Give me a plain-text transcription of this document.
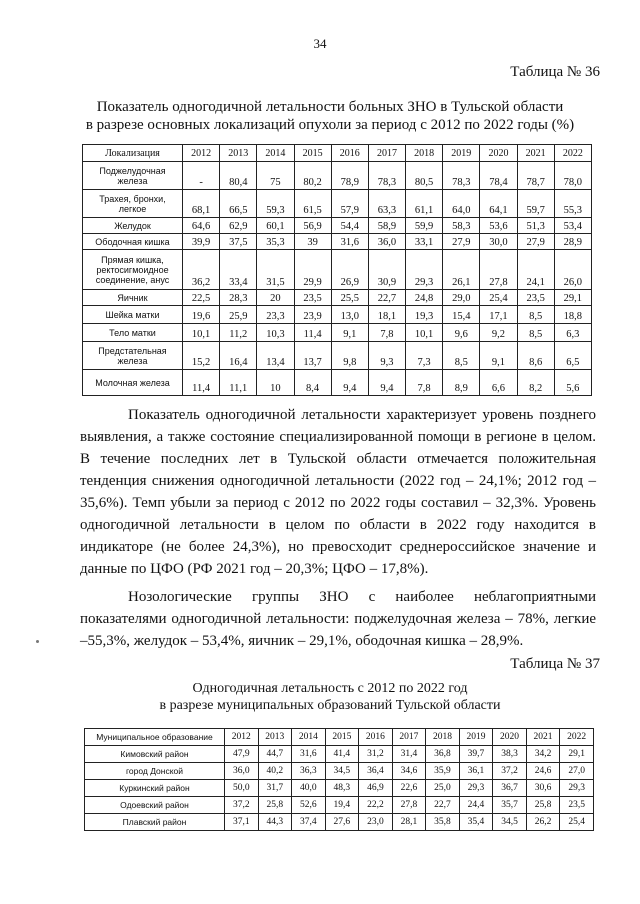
34
Таблица № 36
Показатель одногодичной летальности больных ЗНО в Тульской области
в разрезе основных локализаций опухоли за период с 2012 по 2022 годы (%)
Локализация	2012	2013	2014	2015	2016	2017	2018	2019	2020	2021	2022
Поджелудочная железа	-	80,4	75	80,2	78,9	78,3	80,5	78,3	78,4	78,7	78,0
Трахея, бронхи, легкое	68,1	66,5	59,3	61,5	57,9	63,3	61,1	64,0	64,1	59,7	55,3
Желудок	64,6	62,9	60,1	56,9	54,4	58,9	59,9	58,3	53,6	51,3	53,4
Ободочная кишка	39,9	37,5	35,3	39	31,6	36,0	33,1	27,9	30,0	27,9	28,9
Прямая кишка, ректосигмоидное соединение, анус	36,2	33,4	31,5	29,9	26,9	30,9	29,3	26,1	27,8	24,1	26,0
Яичник	22,5	28,3	20	23,5	25,5	22,7	24,8	29,0	25,4	23,5	29,1
Шейка матки	19,6	25,9	23,3	23,9	13,0	18,1	19,3	15,4	17,1	8,5	18,8
Тело матки	10,1	11,2	10,3	11,4	9,1	7,8	10,1	9,6	9,2	8,5	6,3
Предстательная железа	15,2	16,4	13,4	13,7	9,8	9,3	7,3	8,5	9,1	8,6	6,5
Молочная железа	11,4	11,1	10	8,4	9,4	9,4	7,8	8,9	6,6	8,2	5,6

Показатель одногодичной летальности характеризует уровень позднего выявления, а также состояние специализированной помощи в регионе в целом. В течение последних лет в Тульской области отмечается положительная тенденция снижения одногодичной летальности (2022 год – 24,1%; 2012 год – 35,6%). Темп убыли за период с 2012 по 2022 годы составил – 32,3%. Уровень одногодичной летальности в целом по области в 2022 году находится в индикаторе (не более 24,3%), но превосходит среднероссийское значение и данные по ЦФО (РФ 2021 год – 20,3%; ЦФО – 17,8%).

Нозологические группы ЗНО с наиболее неблагоприятными показателями одногодичной летальности: поджелудочная железа – 78%, легкие –55,3%, желудок – 53,4%, яичник – 29,1%, ободочная кишка – 28,9%.

Таблица № 37
Одногодичная летальность с 2012 по 2022 год
в разрезе муниципальных образований Тульской области
Муниципальное образование	2012	2013	2014	2015	2016	2017	2018	2019	2020	2021	2022
Кимовский район	47,9	44,7	31,6	41,4	31,2	31,4	36,8	39,7	38,3	34,2	29,1
город Донской	36,0	40,2	36,3	34,5	36,4	34,6	35,9	36,1	37,2	24,6	27,0
Куркинский район	50,0	31,7	40,0	48,3	46,9	22,6	25,0	29,3	36,7	30,6	29,3
Одоевский район	37,2	25,8	52,6	19,4	22,2	27,8	22,7	24,4	35,7	25,8	23,5
Плавский район	37,1	44,3	37,4	27,6	23,0	28,1	35,8	35,4	34,5	26,2	25,4
